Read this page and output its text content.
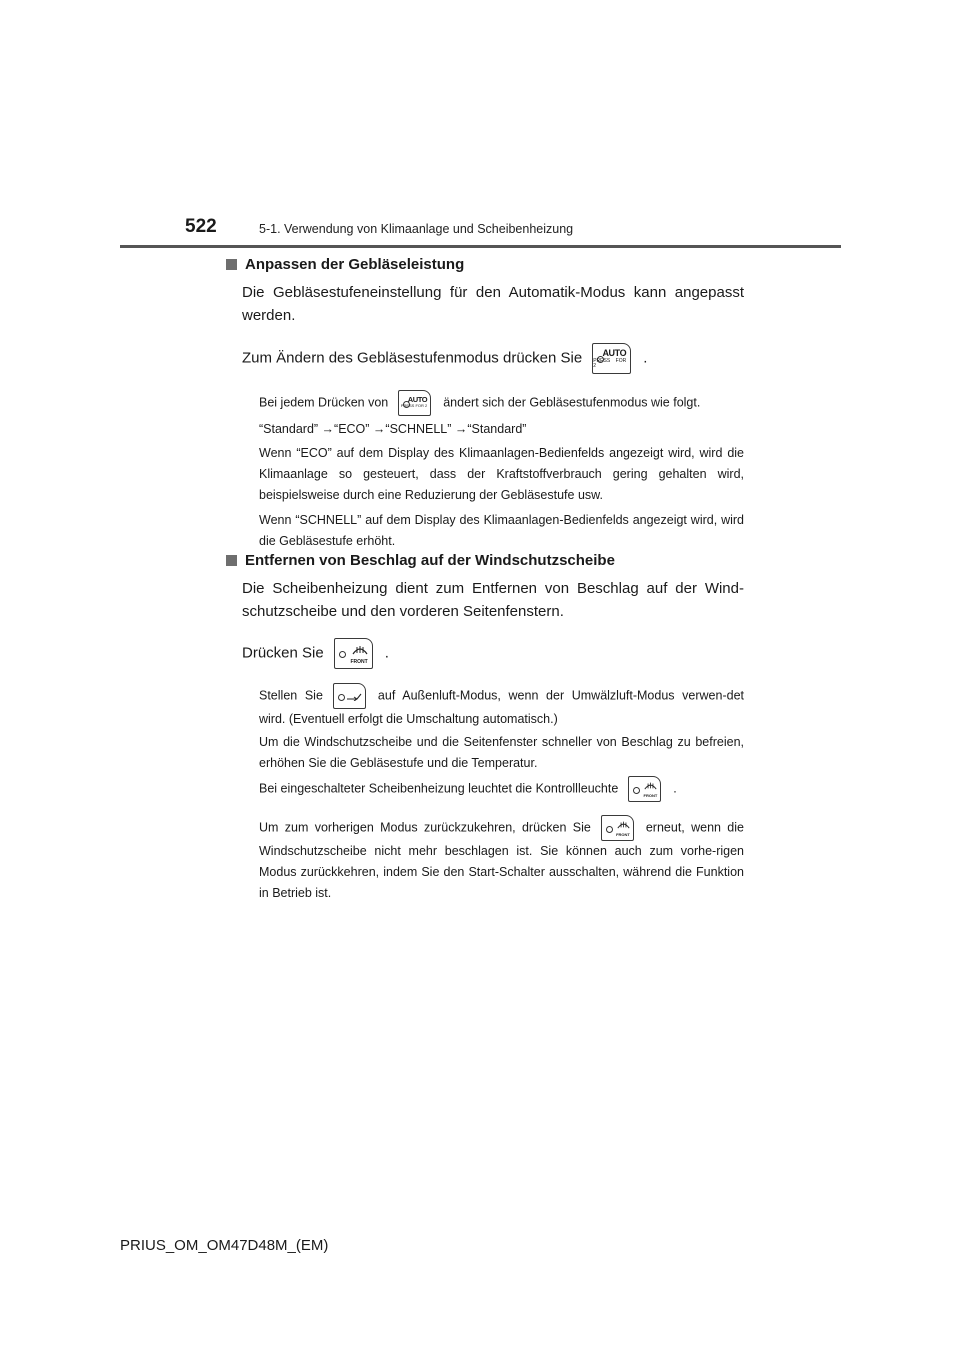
522	5-1. Verwendung von Klimaanlage und Scheibenheizung
Anpassen der Gebläseleistung
Die Gebläsestufeneinstellung für den Automatik-Modus kann angepasst werden.
Zum Ändern des Gebläsestufenmodus drücken Sie AUTO
PRESS FOR 2	.
Bei jedem Drücken von	AUTO
PRESS FOR 2 ändert sich der Gebläsestufenmodus wie folgt.
“Standard” →“ECO” →“SCHNELL” →“Standard”
Wenn “ECO” auf dem Display des Klimaanlagen-Bedienfelds angezeigt wird, wird die Klimaanlage so gesteuert, dass der Kraftstoffverbrauch gering gehalten wird, beispielsweise durch eine Reduzierung der Gebläsestufe usw.
Wenn “SCHNELL” auf dem Display des Klimaanlagen-Bedienfelds angezeigt wird, wird die Gebläsestufe erhöht.
Entfernen von Beschlag auf der Windschutzscheibe
Die Scheibenheizung dient zum Entfernen von Beschlag auf der Wind-schutzscheibe und den vorderen Seitenfenstern.
Drücken Sie
FRONT
.
Stellen Sie	auf Außenluft-Modus, wenn der Umwälzluft-Modus verwen-det wird. (Eventuell erfolgt die Umschaltung automatisch.)
Um die Windschutzscheibe und die Seitenfenster schneller von Beschlag zu befreien, erhöhen Sie die Gebläsestufe und die Temperatur.
Bei eingeschalteter Scheibenheizung leuchtet die Kontrollleuchte
FRONT
.
Um zum vorherigen Modus zurückzukehren, drücken Sie
FRONT
erneut, wenn die Windschutzscheibe nicht mehr beschlagen ist. Sie können auch zum vorhe-rigen Modus zurückkehren, indem Sie den Start-Schalter ausschalten, während die Funktion in Betrieb ist.
PRIUS_OM_OM47D48M_(EM)
